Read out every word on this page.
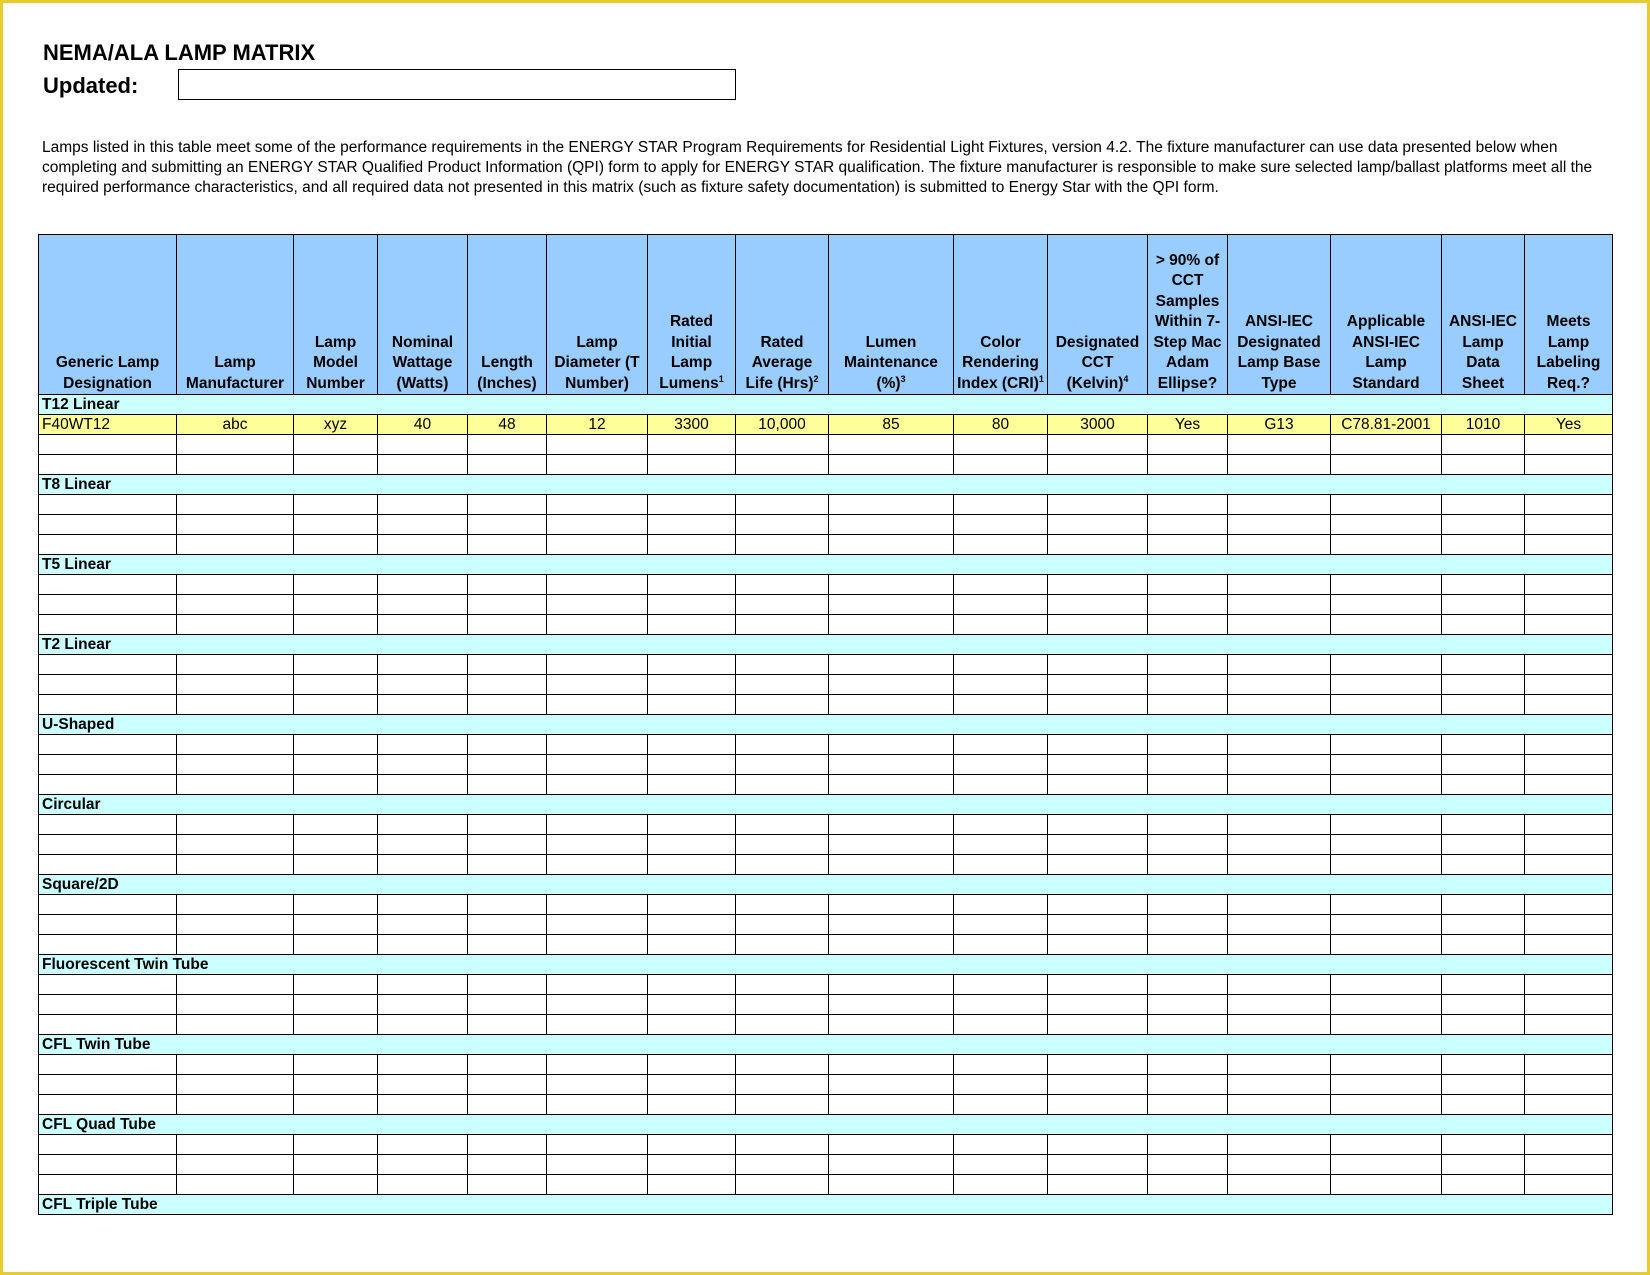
NEMA/ALA LAMP MATRIX
Updated:
Lamps listed in this table meet some of the performance requirements in the ENERGY STAR Program Requirements for Residential Light Fixtures, version 4.2. The fixture manufacturer can use data presented below when completing and submitting an ENERGY STAR Qualified Product Information (QPI) form to apply for ENERGY STAR qualification. The fixture manufacturer is responsible to make sure selected lamp/ballast platforms meet all the required performance characteristics, and all required data not presented in this matrix (such as fixture safety documentation) is submitted to Energy Star with the QPI form.
Generic Lamp Designation	Lamp Manufacturer	Lamp Model Number	Nominal Wattage (Watts)	Length (Inches)	Lamp Diameter (T Number)	Rated Initial Lamp Lumens$^1$	Rated Average Life (Hrs)$^2$	Lumen Maintenance (%)$^3$	Color Rendering Index (CRI)$^1$	Designated CCT (Kelvin)$^4$	> 90% of CCT Samples Within 7-Step Mac Adam Ellipse?	ANSI-IEC Designated Lamp Base Type	Applicable ANSI-IEC Lamp Standard	ANSI-IEC Lamp Data Sheet	Meets Lamp Labeling Req.?
T12 Linear															
F40WT12	abc	xyz	40	48	12	3300	10,000	85	80	3000	Yes	G13	C78.81-2001	1010	Yes

T8 Linear															

T5 Linear															

T2 Linear															

U-Shaped															

Circular															

Square/2D															

Fluorescent Twin Tube															

CFL Twin Tube															

CFL Quad Tube															

CFL Triple Tube															
